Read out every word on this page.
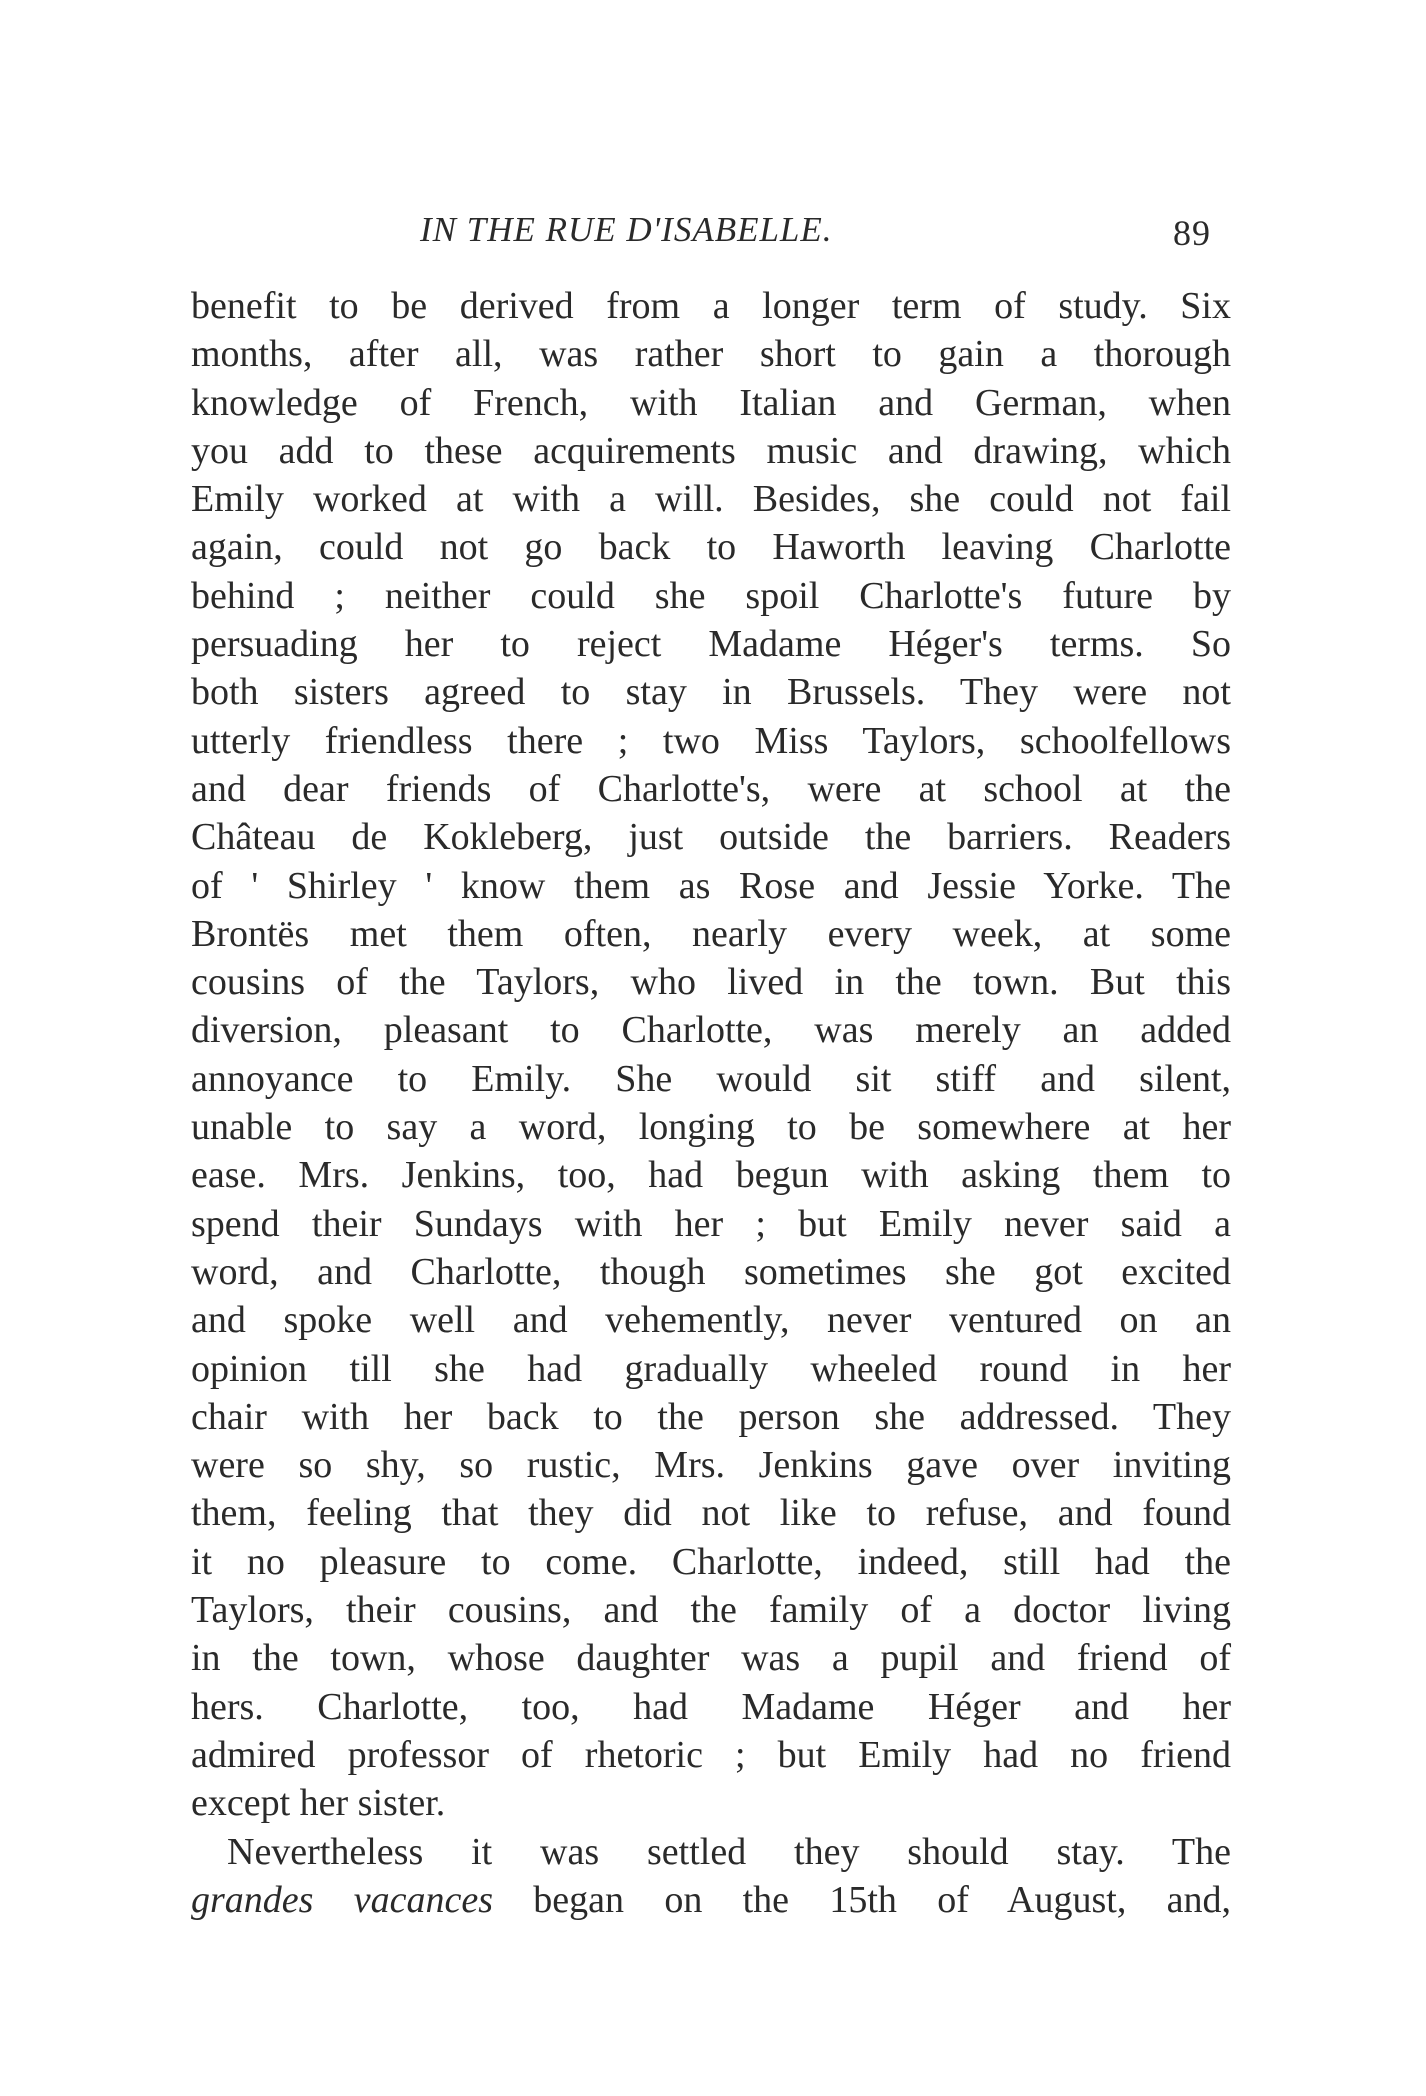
IN THE RUE D'ISABELLE.	89
benefit to be derived from a longer term of study. Six
months, after all, was rather short to gain a thorough
knowledge of French, with Italian and German, when
you add to these acquirements music and drawing, which
Emily worked at with a will. Besides, she could not fail
again, could not go back to Haworth leaving Charlotte
behind ; neither could she spoil Charlotte's future by
persuading her to reject Madame Héger's terms. So
both sisters agreed to stay in Brussels. They were not
utterly friendless there ; two Miss Taylors, schoolfellows
and dear friends of Charlotte's, were at school at the
Château de Kokleberg, just outside the barriers. Readers
of ' Shirley ' know them as Rose and Jessie Yorke. The
Brontës met them often, nearly every week, at some
cousins of the Taylors, who lived in the town. But this
diversion, pleasant to Charlotte, was merely an added
annoyance to Emily. She would sit stiff and silent,
unable to say a word, longing to be somewhere at her
ease. Mrs. Jenkins, too, had begun with asking them to
spend their Sundays with her ; but Emily never said a
word, and Charlotte, though sometimes she got excited
and spoke well and vehemently, never ventured on an
opinion till she had gradually wheeled round in her
chair with her back to the person she addressed. They
were so shy, so rustic, Mrs. Jenkins gave over inviting
them, feeling that they did not like to refuse, and found
it no pleasure to come. Charlotte, indeed, still had the
Taylors, their cousins, and the family of a doctor living
in the town, whose daughter was a pupil and friend of
hers. Charlotte, too, had Madame Héger and her
admired professor of rhetoric ; but Emily had no friend
except her sister.
Nevertheless it was settled they should stay. The
grandes vacances began on the 15th of August, and,
